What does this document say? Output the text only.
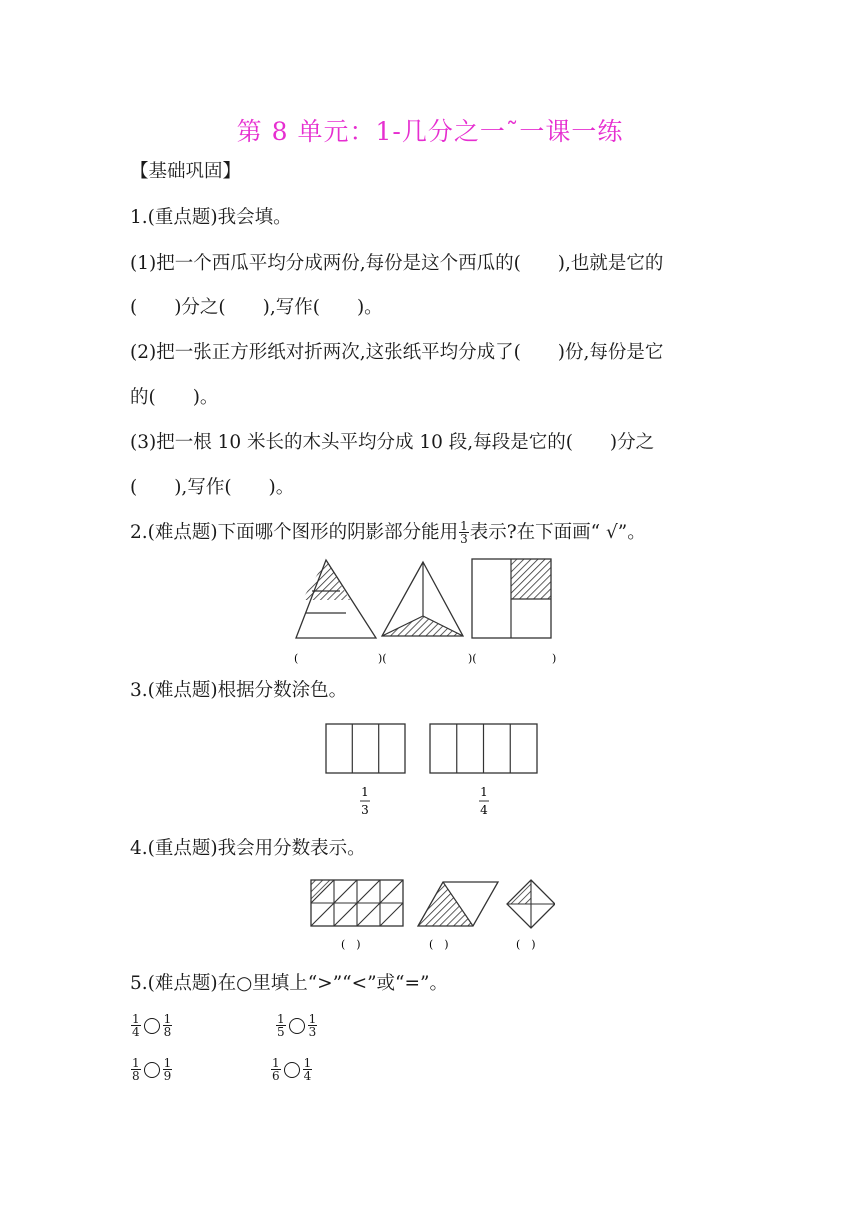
第 8 单元：1-几分之一˜一课一练
【基础巩固】
1.(重点题)我会填。
(1)把一个西瓜平均分成两份,每份是这个西瓜的(　　),也就是它的
(　　)分之(　　),写作(　　)。
(2)把一张正方形纸对折两次,这张纸平均分成了(　　)份,每份是它
的(　　)。
(3)把一根 10 米长的木头平均分成 10 段,每段是它的(　　)分之
(　　),写作(　　)。
2.(难点题)下面哪个图形的阴影部分能用 $\frac{1}{3}$ 表示?在下面画“ √”。
(	)(	)(	)
3.(难点题)根据分数涂色。
1
3
1
4
4.(重点题)我会用分数表示。
(　)	(　)	(　)
5.(难点题)在○里填上“>”“<”或“=”。
$\frac{1}{4} \frac{1}{8}$	$\frac{1}{5} \frac{1}{3}$
$\frac{1}{8} \frac{1}{9}$	$\frac{1}{6} \frac{1}{4}$
